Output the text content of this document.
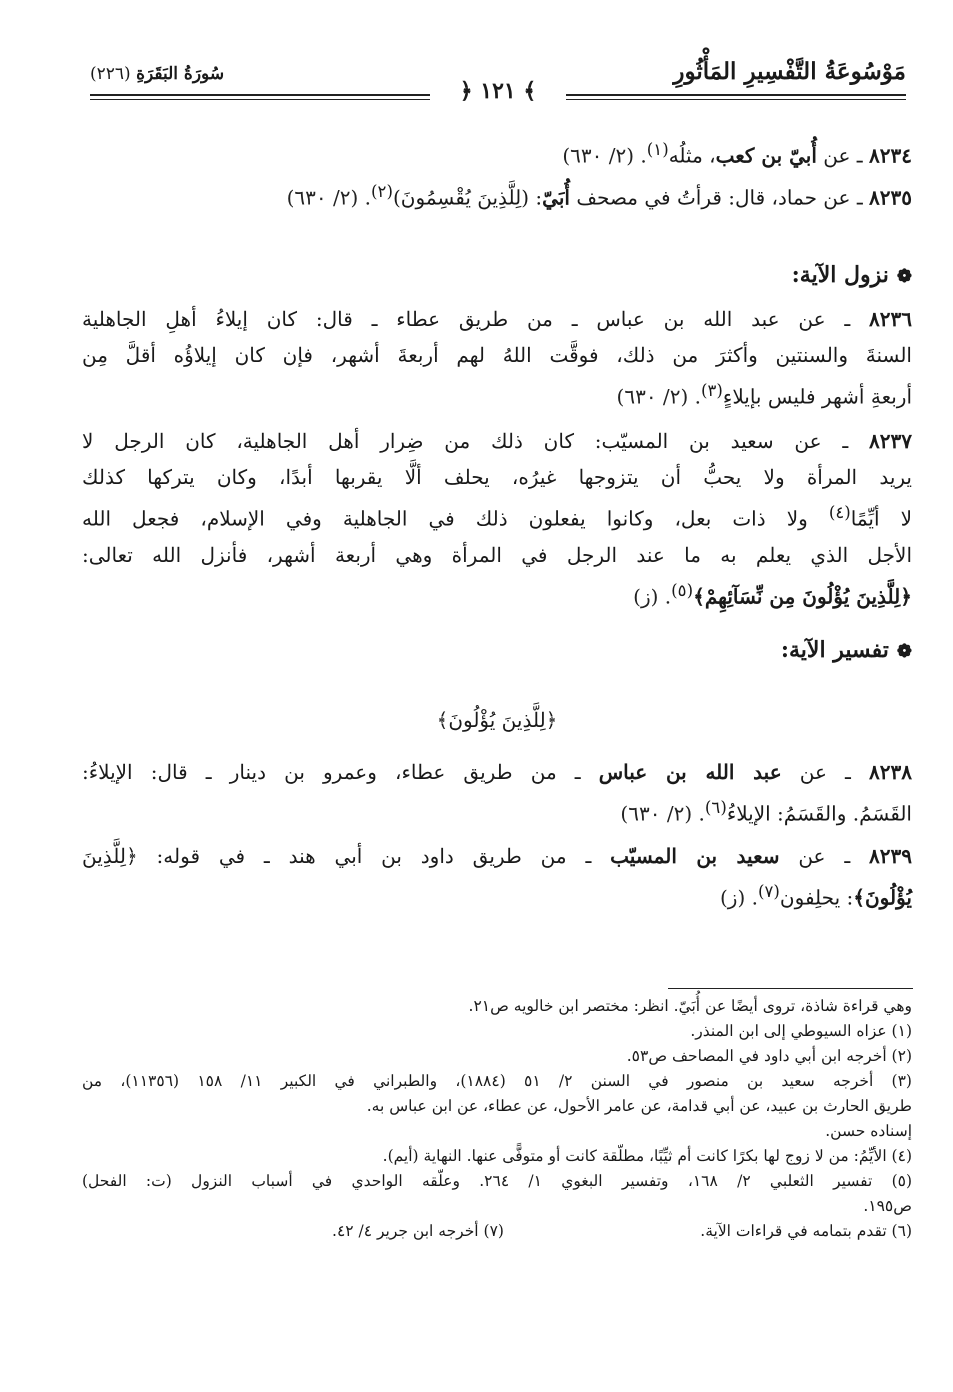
مَوْسُوعَةُ التَّفْسِيرِ المَأْثُورِ
﴾ ١٢١ ﴿
سُورَةُ البَقَرَةِ (٢٢٦)

٨٢٣٤ ـ عن أُبيّ بن كعب، مثلُه$^{(١)}$. (٢/ ٦٣٠)

٨٢٣٥ ـ عن حماد، قال: قرأتُ في مصحف أُبَيّ: (لِلَّذِينَ يُقْسِمُونَ)$^{(٢)}$. (٢/ ٦٣٠)

❁نزول الآية:

٨٢٣٦ ـ عن عبد الله بن عباس ـ من طريق عطاء ـ قال: كان إيلاءُ أهلِ الجاهلية

السنةَ والسنتين وأكثرَ من ذلك، فوقَّت اللهُ لهم أربعةَ أشهر، فإن كان إيلاؤُه أقلَّ مِن

أربعةِ أشهر فليس بإيلاءٍ$^{(٣)}$. (٢/ ٦٣٠)

٨٢٣٧ ـ عن سعيد بن المسيّب: كان ذلك من ضِرار أهل الجاهلية، كان الرجل لا

يريد المرأة ولا يحبُّ أن يتزوجها غيرُه، يحلف ألَّا يقربها أبدًا، وكان يتركها كذلك

لا أيِّمًا$^{(٤)}$ ولا ذات بعل، وكانوا يفعلون ذلك في الجاهلية وفي الإسلام، فجعل الله

الأجل الذي يعلم به ما عند الرجل في المرأة وهي أربعة أشهر، فأنزل الله تعالى:

﴿لِلَّذِينَ يُؤْلُونَ مِن نِّسَآئِهِمْ﴾$^{(٥)}$. (ز)

❁تفسير الآية:
﴿لِلَّذِينَ يُؤْلُونَ﴾

٨٢٣٨ ـ عن عبد الله بن عباس ـ من طريق عطاء، وعمرو بن دينار ـ قال: الإيلاءُ:

القَسَمُ. والقَسَمُ: الإيلاءُ$^{(٦)}$. (٢/ ٦٣٠)

٨٢٣٩ ـ عن سعيد بن المسيّب ـ من طريق داود بن أبي هند ـ في قوله: ﴿لِلَّذِينَ

يُؤْلُونَ﴾: يحلِفون$^{(٧)}$. (ز)

وهي قراءة شاذة، تروى أيضًا عن أُبَيّ. انظر: مختصر ابن خالويه ص٢١.

(١) عزاه السيوطي إلى ابن المنذر.

(٢) أخرجه ابن أبي داود في المصاحف ص٥٣.

(٣) أخرجه سعيد بن منصور في السنن ٢/ ٥١ (١٨٨٤)، والطبراني في الكبير ١١/ ١٥٨ (١١٣٥٦)، من

طريق الحارث بن عبيد، عن أبي قدامة، عن عامر الأحول، عن عطاء، عن ابن عباس به.

إسناده حسن.

(٤) الأيِّمُ: من لا زوج لها بكرًا كانت أم ثيِّبًا، مطلّقة كانت أو متوفًّى عنها. النهاية (أيم).

(٥) تفسير الثعلبي ٢/ ١٦٨، وتفسير البغوي ١/ ٢٦٤. وعلّقه الواحدي في أسباب النزول (ت: الفحل)

ص١٩٥.

(٦) تقدم بتمامه في قراءات الآية.
(٧) أخرجه ابن جرير ٤/ ٤٢.
